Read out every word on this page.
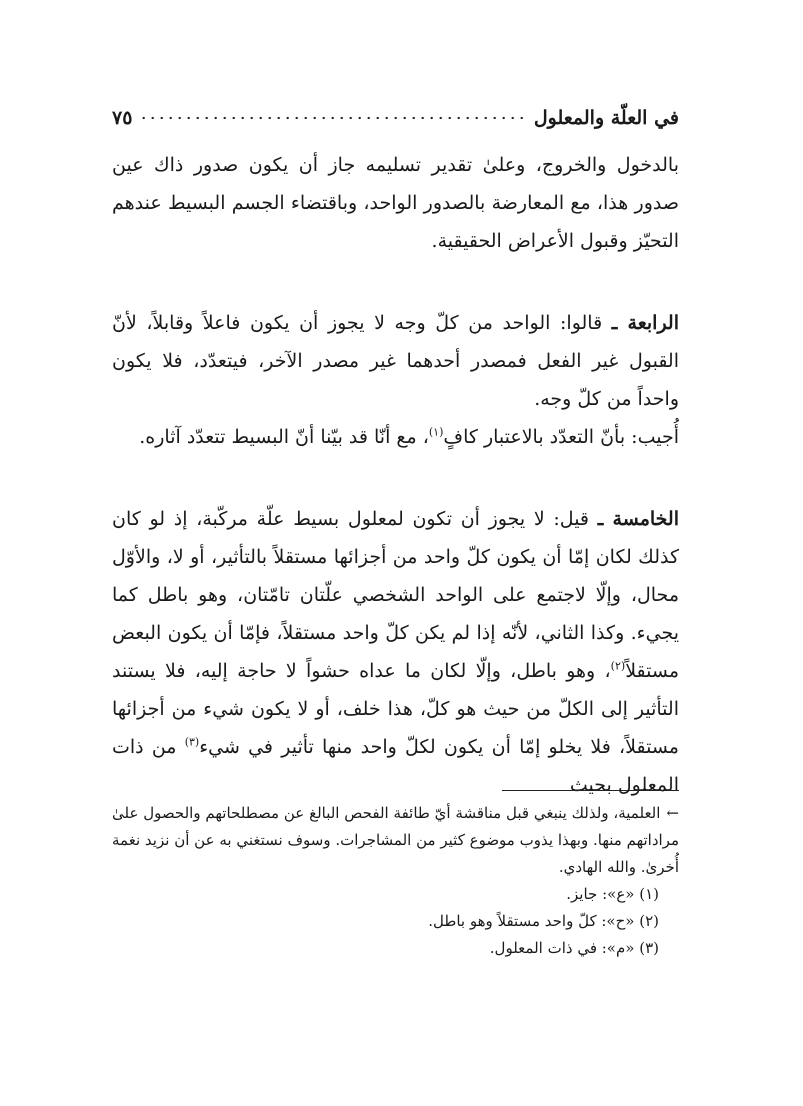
في العلّة والمعلول
٧٥

بالدخول والخروج، وعلىٰ تقدير تسليمه جاز أن يكون صدور ذاك عين صدور هذا، مع المعارضة بالصدور الواحد، وباقتضاء الجسم البسيط عندهم التحيّز وقبول الأعراض الحقيقية.

الرابعة ـ قالوا: الواحد من كلّ وجه لا يجوز أن يكون فاعلاً وقابلاً، لأنّ القبول غير الفعل فمصدر أحدهما غير مصدر الآخر، فيتعدّد، فلا يكون واحداً من كلّ وجه.

أُجيب: بأنّ التعدّد بالاعتبار كافٍ$^{(١)}$، مع أنّا قد بيّنا أنّ البسيط تتعدّد آثاره.

الخامسة ـ قيل: لا يجوز أن تكون لمعلول بسيط علّة مركّبة، إذ لو كان كذلك لكان إمّا أن يكون كلّ واحد من أجزائها مستقلاً بالتأثير، أو لا، والأوّل محال، وإلّا لاجتمع على الواحد الشخصي علّتان تامّتان، وهو باطل كما يجيء. وكذا الثاني، لأنّه إذا لم يكن كلّ واحد مستقلاً، فإمّا أن يكون البعض مستقلاً$^{(٢)}$، وهو باطل، وإلّا لكان ما عداه حشواً لا حاجة إليه، فلا يستند التأثير إلى الكلّ من حيث هو كلّ، هذا خلف، أو لا يكون شيء من أجزائها مستقلاً، فلا يخلو إمّا أن يكون لكلّ واحد منها تأثير في شيء$^{(٣)}$ من ذات المعلول بحيث

←العلمية، ولذلك ينبغي قبل مناقشة أيّ طائفة الفحص البالغ عن مصطلحاتهم والحصول علىٰ مراداتهم منها. وبهذا يذوب موضوع كثير من المشاجرات. وسوف نستغني به عن أن نزيد نغمة أُخرىٰ. والله الهادي.

(١) «ع»: جايز.

(٢) «ح»: كلّ واحد مستقلاً وهو باطل.

(٣) «م»: في ذات المعلول.
